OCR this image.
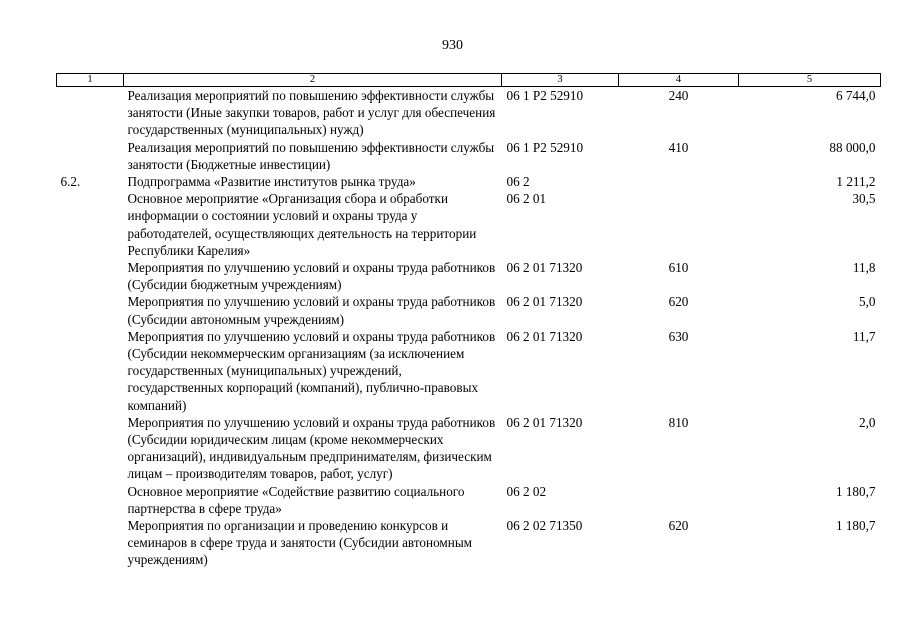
930
1	2	3	4	5
	Реализация мероприятий по повышению эффективности службы занятости (Иные закупки товаров, работ и услуг для обеспечения государственных (муниципальных) нужд)	06 1 P2 52910	240	6 744,0
	Реализация мероприятий по повышению эффективности службы занятости (Бюджетные инвестиции)	06 1 P2 52910	410	88 000,0
6.2.	Подпрограмма «Развитие институтов рынка труда»	06 2		1 211,2
	Основное мероприятие «Организация сбора и обработки информации о состоянии условий и охраны труда у работодателей, осуществляющих деятельность на территории Республики Карелия»	06 2 01		30,5
	Мероприятия по улучшению условий и охраны труда работников (Субсидии бюджетным учреждениям)	06 2 01 71320	610	11,8
	Мероприятия по улучшению условий и охраны труда работников (Субсидии автономным учреждениям)	06 2 01 71320	620	5,0
	Мероприятия по улучшению условий и охраны труда работников (Субсидии некоммерческим организациям (за исключением государственных (муниципальных) учреждений, государственных корпораций (компаний), публично-правовых компаний)	06 2 01 71320	630	11,7
	Мероприятия по улучшению условий и охраны труда работников (Субсидии юридическим лицам (кроме некоммерческих организаций), индивидуальным предпринимателям, физическим лицам – производителям товаров, работ, услуг)	06 2 01 71320	810	2,0
	Основное мероприятие «Содействие развитию социального партнерства в сфере труда»	06 2 02		1 180,7
	Мероприятия по организации и проведению конкурсов и семинаров в сфере труда и занятости (Субсидии автономным учреждениям)	06 2 02 71350	620	1 180,7
